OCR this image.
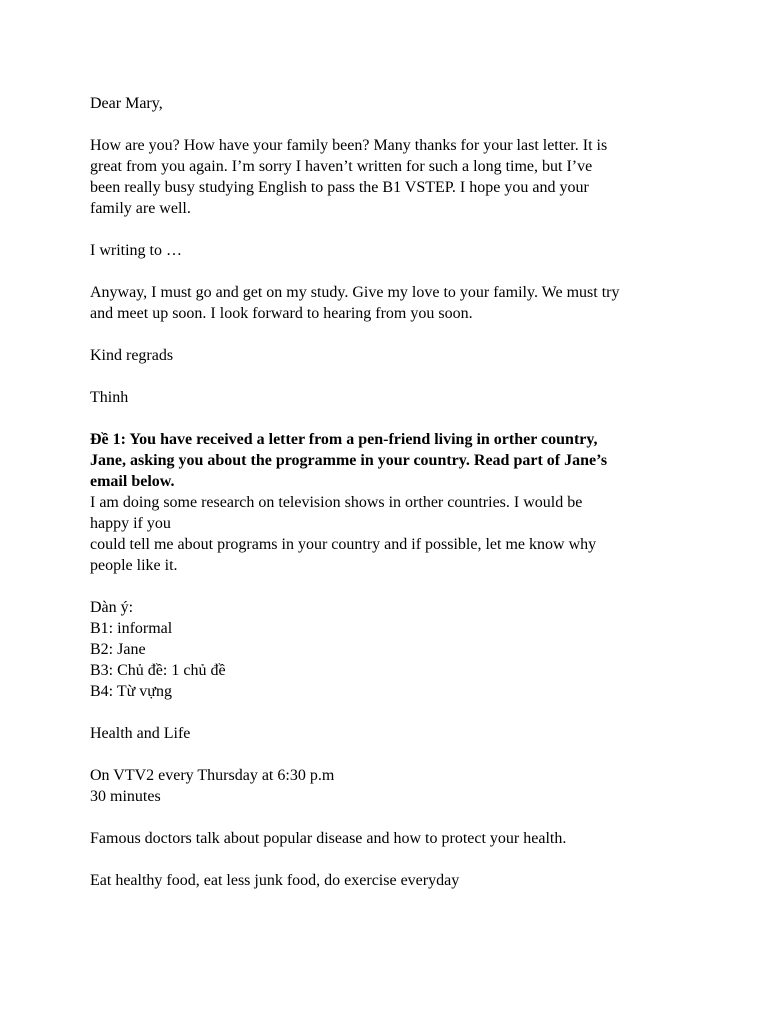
Dear Mary,
How are you? How have your family been? Many thanks for your last letter. It is
great from you again. I’m sorry I haven’t written for such a long time, but I’ve
been really busy studying English to pass the B1 VSTEP. I hope you and your
family are well.
I writing to …
Anyway, I must go and get on my study. Give my love to your family. We must try
and meet up soon. I look forward to hearing from you soon.
Kind regrads
Thinh
Đề 1: You have received a letter from a pen-friend living in orther country,
Jane, asking you about the programme in your country. Read part of Jane’s
email below.
I am doing some research on television shows in orther countries. I would be
happy if you
could tell me about programs in your country and if possible, let me know why
people like it.
Dàn ý:
B1: informal
B2: Jane
B3: Chủ đề: 1 chủ đề
B4: Từ vựng
Health and Life
On VTV2 every Thursday at 6:30 p.m
30 minutes
Famous doctors talk about popular disease and how to protect your health.
Eat healthy food, eat less junk food, do exercise everyday
